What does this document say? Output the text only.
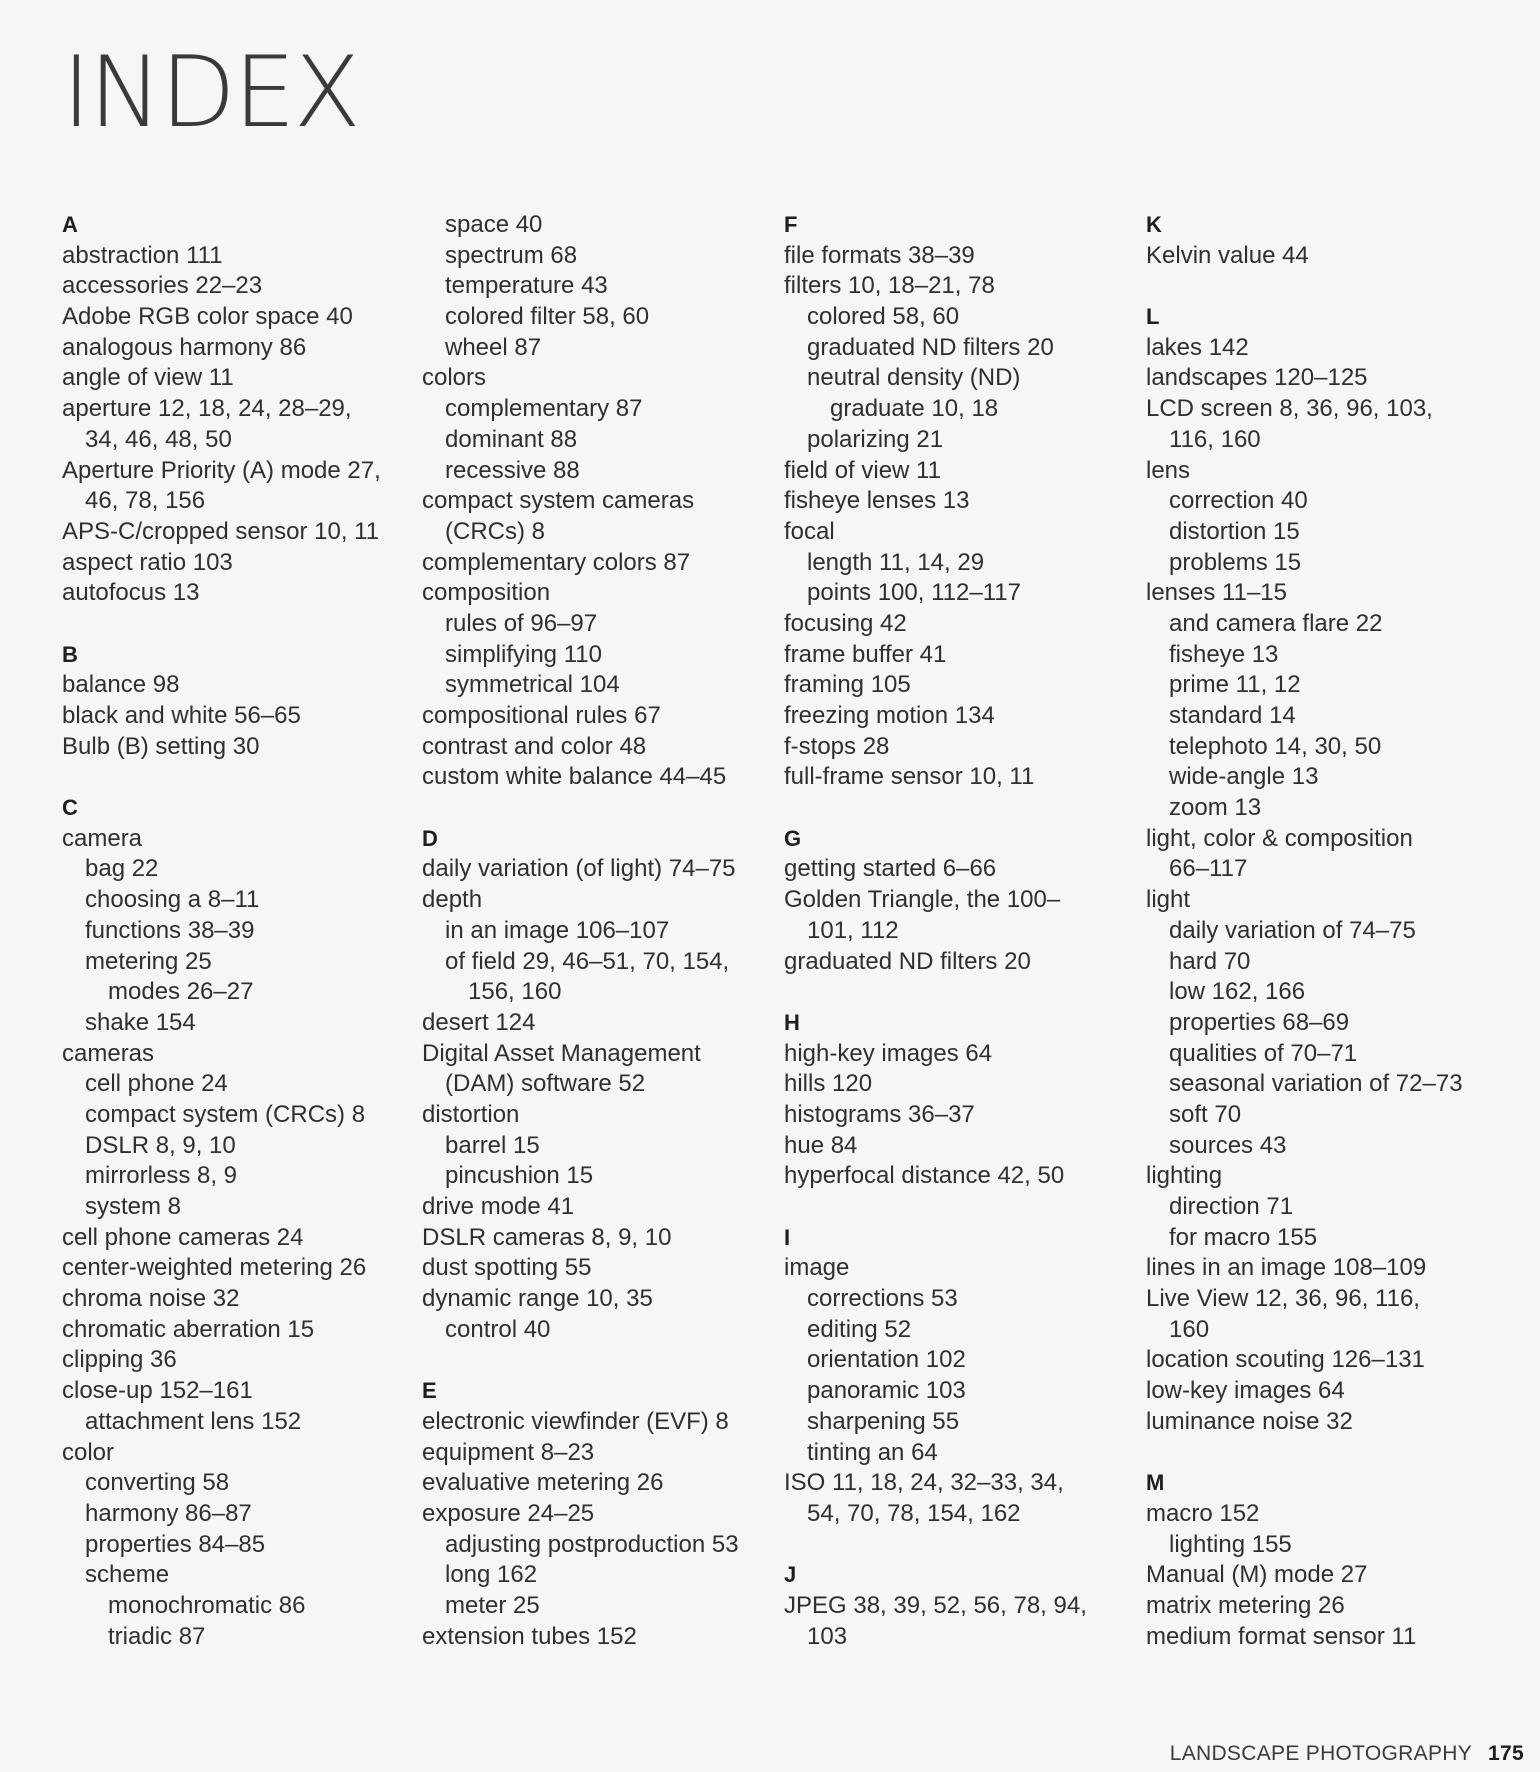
INDEX
A
abstraction 111
accessories 22–23
Adobe RGB color space 40
analogous harmony 86
angle of view 11
aperture 12, 18, 24, 28–29,
34, 46, 48, 50
Aperture Priority (A) mode 27,
46, 78, 156
APS-C/cropped sensor 10, 11
aspect ratio 103
autofocus 13
B
balance 98
black and white 56–65
Bulb (B) setting 30
C
camera
bag 22
choosing a 8–11
functions 38–39
metering 25
modes 26–27
shake 154
cameras
cell phone 24
compact system (CRCs) 8
DSLR 8, 9, 10
mirrorless 8, 9
system 8
cell phone cameras 24
center-weighted metering 26
chroma noise 32
chromatic aberration 15
clipping 36
close-up 152–161
attachment lens 152
color
converting 58
harmony 86–87
properties 84–85
scheme
monochromatic 86
triadic 87
space 40
spectrum 68
temperature 43
colored filter 58, 60
wheel 87
colors
complementary 87
dominant 88
recessive 88
compact system cameras
(CRCs) 8
complementary colors 87
composition
rules of 96–97
simplifying 110
symmetrical 104
compositional rules 67
contrast and color 48
custom white balance 44–45
D
daily variation (of light) 74–75
depth
in an image 106–107
of field 29, 46–51, 70, 154,
156, 160
desert 124
Digital Asset Management
(DAM) software 52
distortion
barrel 15
pincushion 15
drive mode 41
DSLR cameras 8, 9, 10
dust spotting 55
dynamic range 10, 35
control 40
E
electronic viewfinder (EVF) 8
equipment 8–23
evaluative metering 26
exposure 24–25
adjusting postproduction 53
long 162
meter 25
extension tubes 152
F
file formats 38–39
filters 10, 18–21, 78
colored 58, 60
graduated ND filters 20
neutral density (ND)
graduate 10, 18
polarizing 21
field of view 11
fisheye lenses 13
focal
length 11, 14, 29
points 100, 112–117
focusing 42
frame buffer 41
framing 105
freezing motion 134
f-stops 28
full-frame sensor 10, 11
G
getting started 6–66
Golden Triangle, the 100–
101, 112
graduated ND filters 20
H
high-key images 64
hills 120
histograms 36–37
hue 84
hyperfocal distance 42, 50
I
image
corrections 53
editing 52
orientation 102
panoramic 103
sharpening 55
tinting an 64
ISO 11, 18, 24, 32–33, 34,
54, 70, 78, 154, 162
J
JPEG 38, 39, 52, 56, 78, 94,
103
K
Kelvin value 44
L
lakes 142
landscapes 120–125
LCD screen 8, 36, 96, 103,
116, 160
lens
correction 40
distortion 15
problems 15
lenses 11–15
and camera flare 22
fisheye 13
prime 11, 12
standard 14
telephoto 14, 30, 50
wide-angle 13
zoom 13
light, color & composition
66–117
light
daily variation of 74–75
hard 70
low 162, 166
properties 68–69
qualities of 70–71
seasonal variation of 72–73
soft 70
sources 43
lighting
direction 71
for macro 155
lines in an image 108–109
Live View 12, 36, 96, 116,
160
location scouting 126–131
low-key images 64
luminance noise 32
M
macro 152
lighting 155
Manual (M) mode 27
matrix metering 26
medium format sensor 11
LANDSCAPE PHOTOGRAPHY 175
